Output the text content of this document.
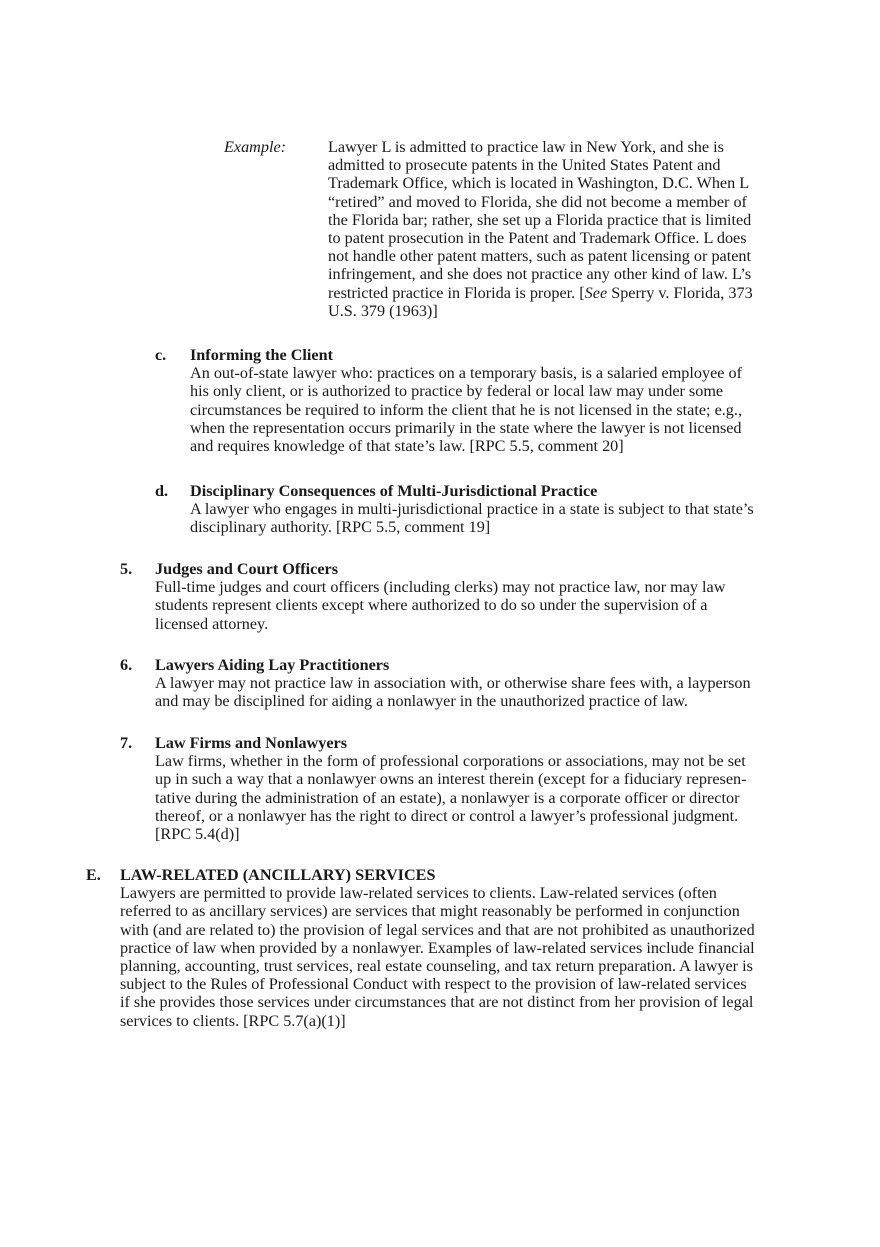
Example:	Lawyer L is admitted to practice law in New York, and she is
admitted to prosecute patents in the United States Patent and
Trademark Office, which is located in Washington, D.C. When L
“retired” and moved to Florida, she did not become a member of
the Florida bar; rather, she set up a Florida practice that is limited
to patent prosecution in the Patent and Trademark Office. L does
not handle other patent matters, such as patent licensing or patent
infringement, and she does not practice any other kind of law. L’s
restricted practice in Florida is proper. [See Sperry v. Florida, 373
U.S. 379 (1963)]
c. Informing the Client
An out-of-state lawyer who: practices on a temporary basis, is a salaried employee of
his only client, or is authorized to practice by federal or local law may under some
circumstances be required to inform the client that he is not licensed in the state; e.g.,
when the representation occurs primarily in the state where the lawyer is not licensed
and requires knowledge of that state’s law. [RPC 5.5, comment 20]
d. Disciplinary Consequences of Multi-Jurisdictional Practice
A lawyer who engages in multi-jurisdictional practice in a state is subject to that state’s
disciplinary authority. [RPC 5.5, comment 19]
5. Judges and Court Officers
Full-time judges and court officers (including clerks) may not practice law, nor may law
students represent clients except where authorized to do so under the supervision of a
licensed attorney.
6. Lawyers Aiding Lay Practitioners
A lawyer may not practice law in association with, or otherwise share fees with, a layperson
and may be disciplined for aiding a nonlawyer in the unauthorized practice of law.
7. Law Firms and Nonlawyers
Law firms, whether in the form of professional corporations or associations, may not be set
up in such a way that a nonlawyer owns an interest therein (except for a fiduciary represen-
tative during the administration of an estate), a nonlawyer is a corporate officer or director
thereof, or a nonlawyer has the right to direct or control a lawyer’s professional judgment.
[RPC 5.4(d)]
E. LAW-RELATED (ANCILLARY) SERVICES
Lawyers are permitted to provide law-related services to clients. Law-related services (often
referred to as ancillary services) are services that might reasonably be performed in conjunction
with (and are related to) the provision of legal services and that are not prohibited as unauthorized
practice of law when provided by a nonlawyer. Examples of law-related services include financial
planning, accounting, trust services, real estate counseling, and tax return preparation. A lawyer is
subject to the Rules of Professional Conduct with respect to the provision of law-related services
if she provides those services under circumstances that are not distinct from her provision of legal
services to clients. [RPC 5.7(a)(1)]
